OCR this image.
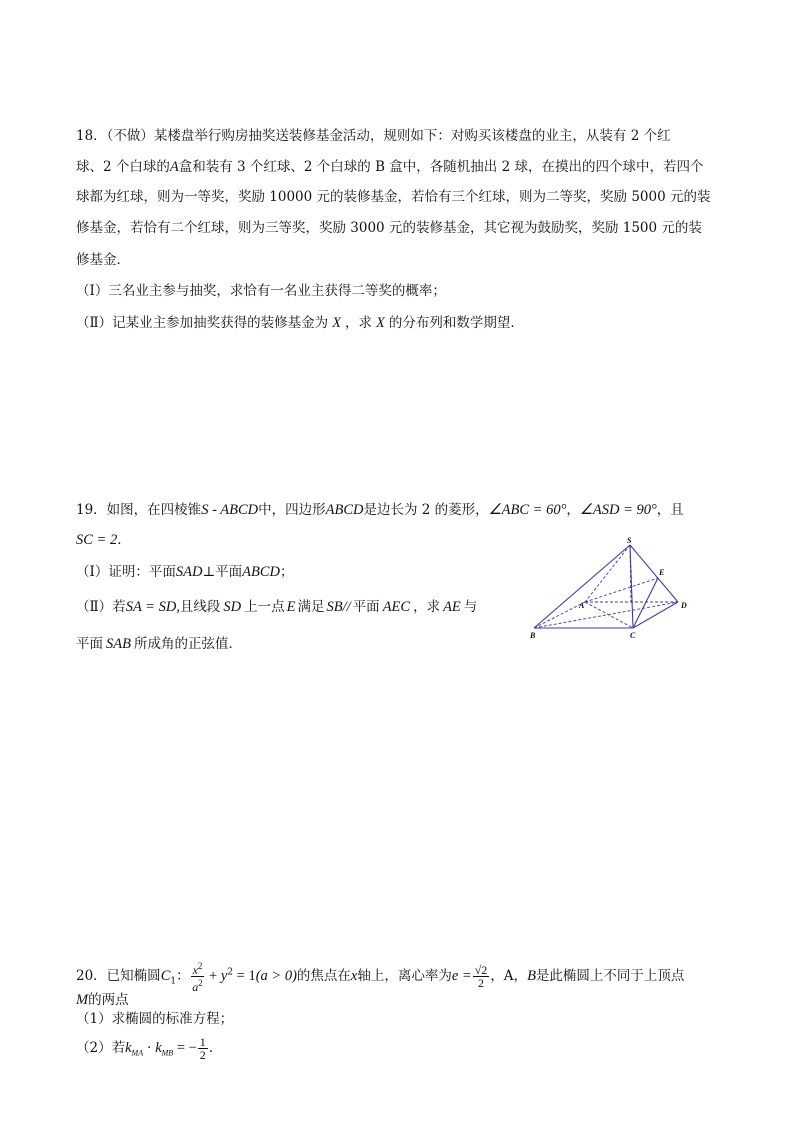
18．（不做）某楼盘举行购房抽奖送装修基金活动，规则如下：对购买该楼盘的业主，从装有 2 个红
球、2 个白球的A盒和装有 3 个红球、2 个白球的 B 盒中，各随机抽出 2 球，在摸出的四个球中，若四个
球都为红球，则为一等奖，奖励 10000 元的装修基金，若恰有三个红球，则为二等奖，奖励 5000 元的装
修基金，若恰有二个红球，则为三等奖，奖励 3000 元的装修基金，其它视为鼓励奖，奖励 1500 元的装
修基金．
（Ⅰ）三名业主参与抽奖，求恰有一名业主获得二等奖的概率；
（Ⅱ）记某业主参加抽奖获得的装修基金为 X ，求 X 的分布列和数学期望．
19．如图，在四棱锥S - ABCD中，四边形ABCD是边长为 2 的菱形，∠ABC = 60°，∠ASD = 90°，且
SC = 2．
（Ⅰ）证明：平面SAD⊥平面ABCD；
（Ⅱ）若SA = SD,且线段 SD 上一点 E 满足 SB// 平面 AEC ，求 AE 与
平面 SAB 所成角的正弦值．
S
E
A	D
B	C
20．已知椭圆$C_1$： $\frac{x^2}{a^2} + y^2 = 1(a > 0)$的焦点在x轴上，离心率为$e = \frac{√2}{2}$ ，A，B是此椭圆上不同于上顶点
M的两点
（1）求椭圆的标准方程；
（2）若$k_{MA} \cdot k_{MB}$ = − $\frac{1}{2}$ .
